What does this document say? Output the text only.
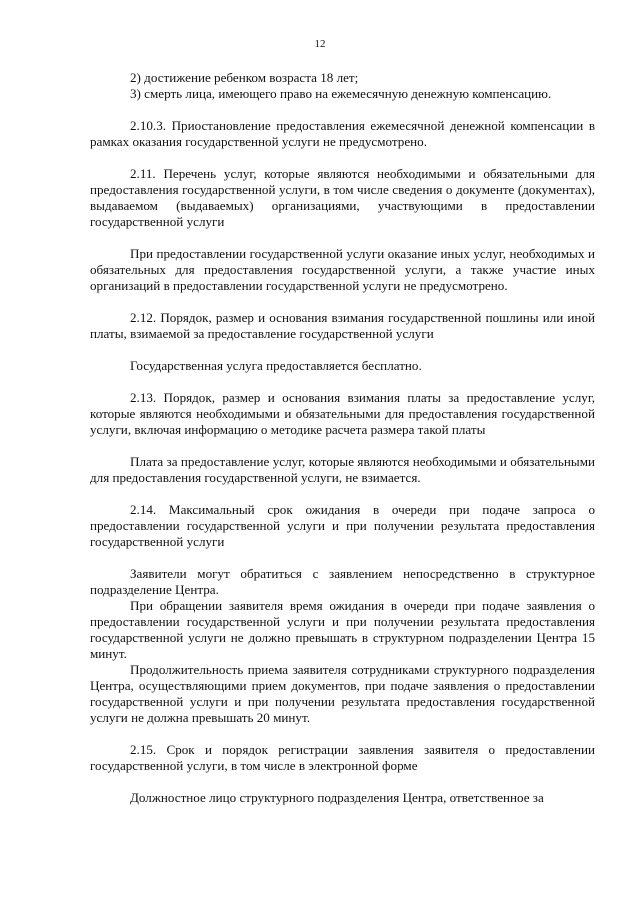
12

2) достижение ребенком возраста 18 лет;

3) смерть лица, имеющего право на ежемесячную денежную компенсацию.

2.10.3. Приостановление предоставления ежемесячной денежной компенсации в рамках оказания государственной услуги не предусмотрено.

2.11. Перечень услуг, которые являются необходимыми и обязательными для предоставления государственной услуги, в том числе сведения о документе (документах), выдаваемом (выдаваемых) организациями, участвующими в предоставлении государственной услуги

При предоставлении государственной услуги оказание иных услуг, необходимых и обязательных для предоставления государственной услуги, а также участие иных организаций в предоставлении государственной услуги не предусмотрено.

2.12. Порядок, размер и основания взимания государственной пошлины или иной платы, взимаемой за предоставление государственной услуги

Государственная услуга предоставляется бесплатно.

2.13. Порядок, размер и основания взимания платы за предоставление услуг, которые являются необходимыми и обязательными для предоставления государственной услуги, включая информацию о методике расчета размера такой платы

Плата за предоставление услуг, которые являются необходимыми и обязательными для предоставления государственной услуги, не взимается.

2.14. Максимальный срок ожидания в очереди при подаче запроса о предоставлении государственной услуги и при получении результата предоставления государственной услуги

Заявители могут обратиться с заявлением непосредственно в структурное подразделение Центра.

При обращении заявителя время ожидания в очереди при подаче заявления о предоставлении государственной услуги и при получении результата предоставления государственной услуги не должно превышать в структурном подразделении Центра 15 минут.

Продолжительность приема заявителя сотрудниками структурного подразделения Центра, осуществляющими прием документов, при подаче заявления о предоставлении государственной услуги и при получении результата предоставления государственной услуги не должна превышать 20 минут.

2.15. Срок и порядок регистрации заявления заявителя о предоставлении государственной услуги, в том числе в электронной форме

Должностное лицо структурного подразделения Центра, ответственное за
